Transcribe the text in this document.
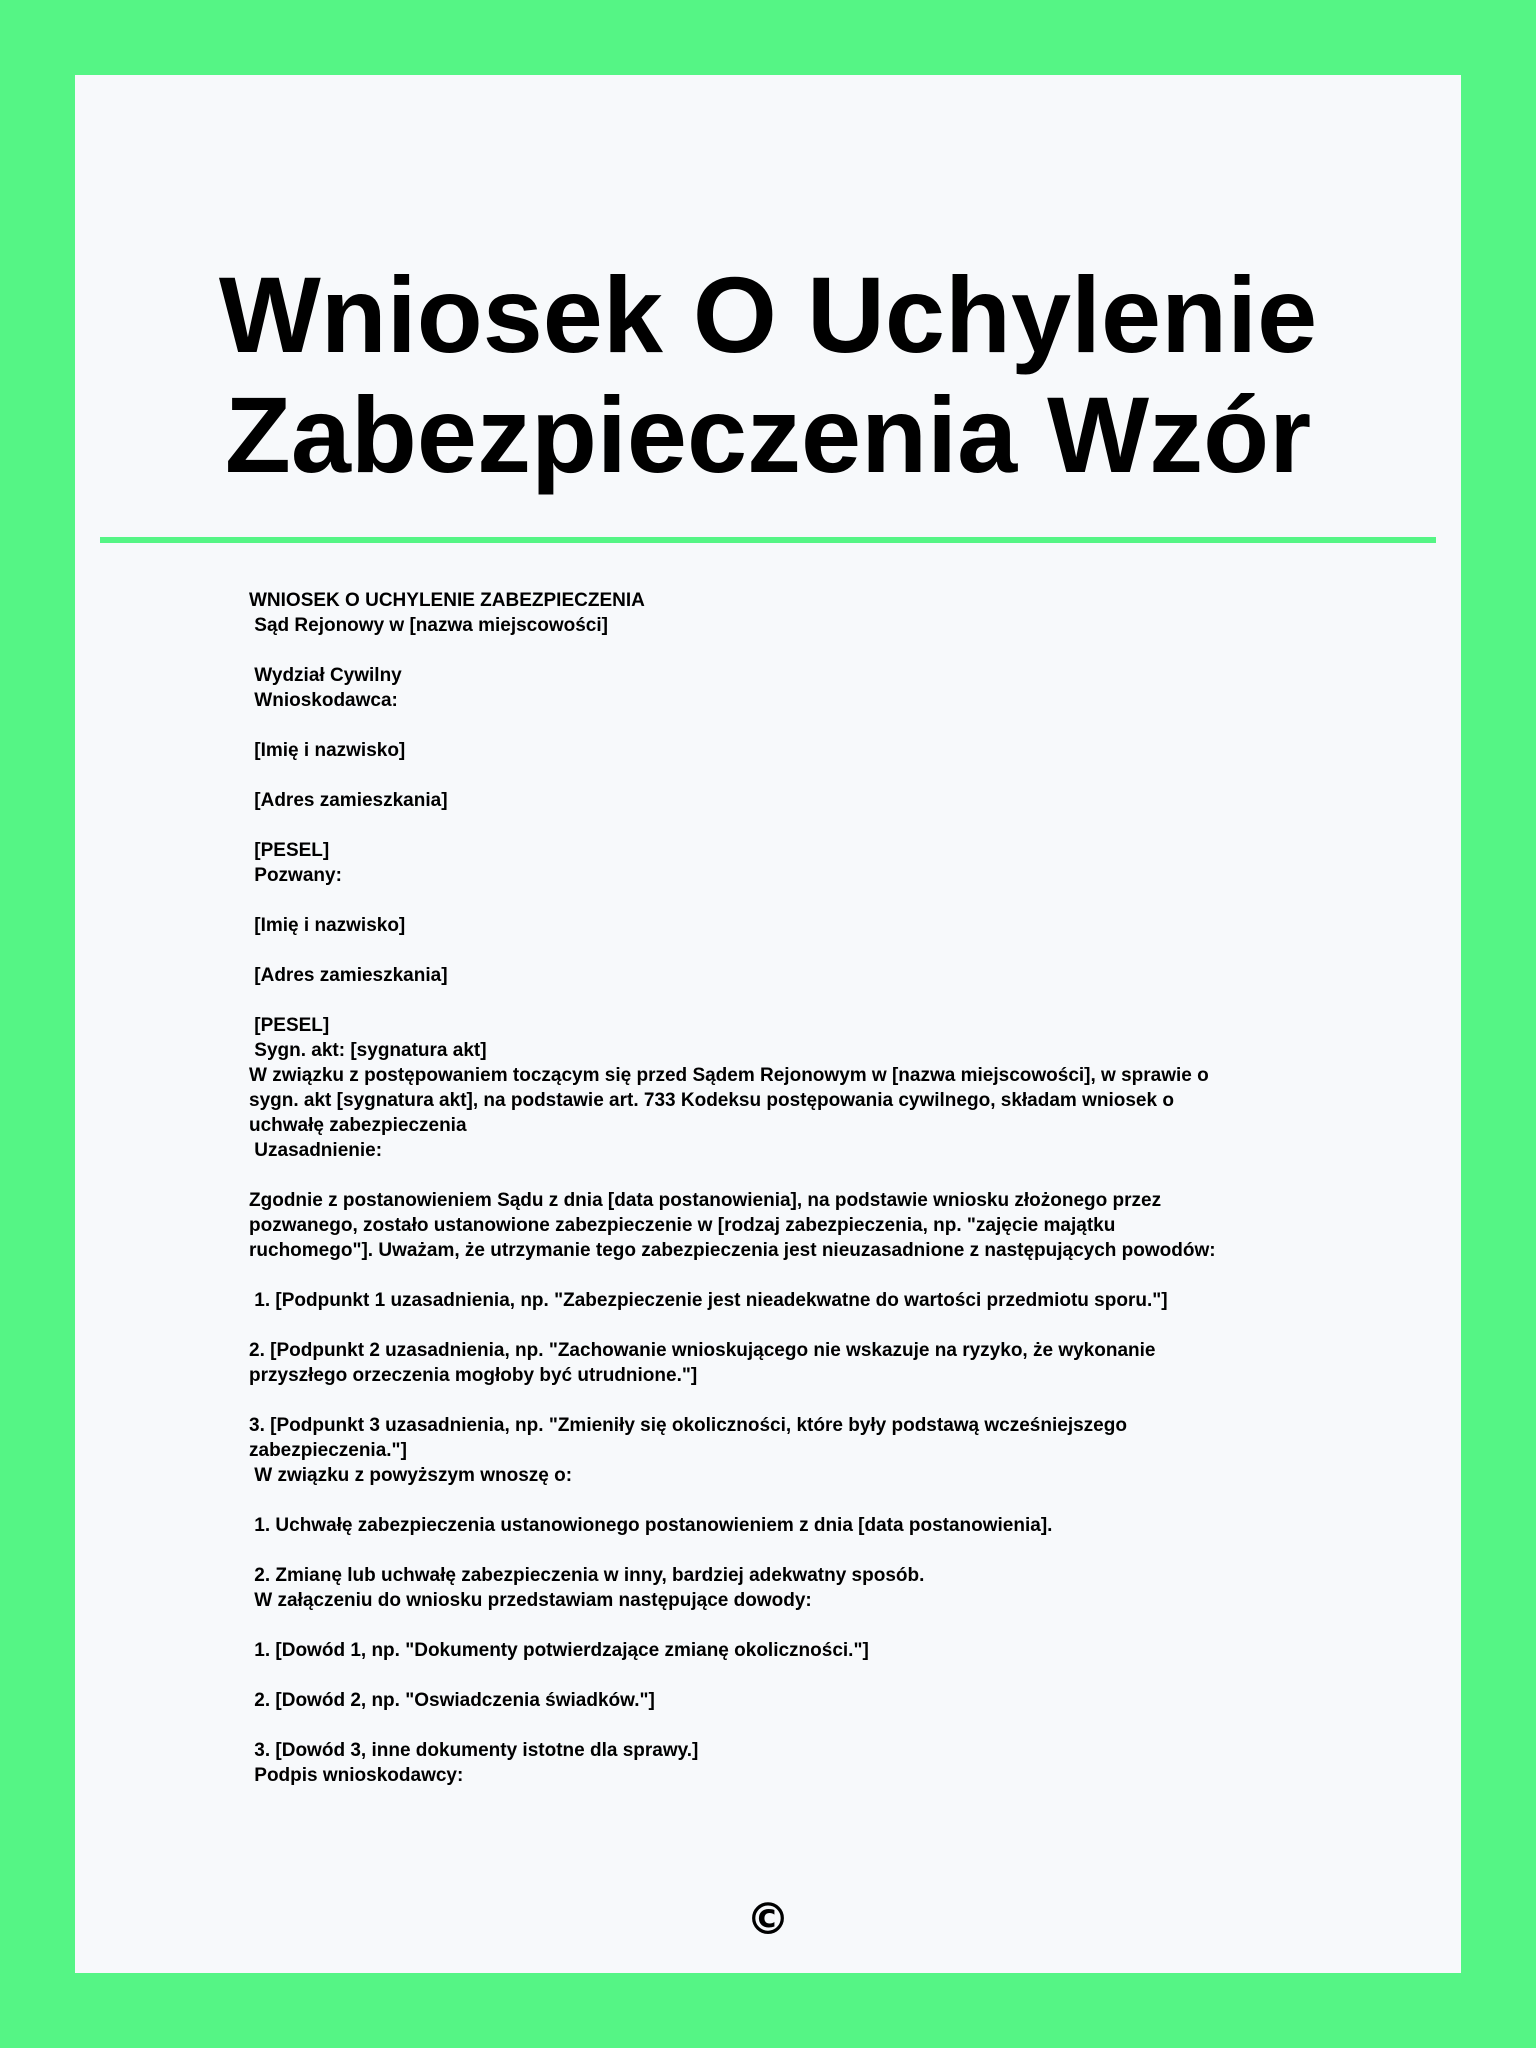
Wniosek O Uchylenie
Zabezpieczenia Wzór
WNIOSEK O UCHYLENIE ZABEZPIECZENIA
Sąd Rejonowy w [nazwa miejscowości]
Wydział Cywilny
Wnioskodawca:
[Imię i nazwisko]
[Adres zamieszkania]
[PESEL]
Pozwany:
[Imię i nazwisko]
[Adres zamieszkania]
[PESEL]
Sygn. akt: [sygnatura akt]
W związku z postępowaniem toczącym się przed Sądem Rejonowym w [nazwa miejscowości], w sprawie o
sygn. akt [sygnatura akt], na podstawie art. 733 Kodeksu postępowania cywilnego, składam wniosek o
uchwałę zabezpieczenia
Uzasadnienie:
Zgodnie z postanowieniem Sądu z dnia [data postanowienia], na podstawie wniosku złożonego przez
pozwanego, zostało ustanowione zabezpieczenie w [rodzaj zabezpieczenia, np. "zajęcie majątku
ruchomego"]. Uważam, że utrzymanie tego zabezpieczenia jest nieuzasadnione z następujących powodów:
1. [Podpunkt 1 uzasadnienia, np. "Zabezpieczenie jest nieadekwatne do wartości przedmiotu sporu."]
2. [Podpunkt 2 uzasadnienia, np. "Zachowanie wnioskującego nie wskazuje na ryzyko, że wykonanie
przyszłego orzeczenia mogłoby być utrudnione."]
3. [Podpunkt 3 uzasadnienia, np. "Zmieniły się okoliczności, które były podstawą wcześniejszego
zabezpieczenia."]
W związku z powyższym wnoszę o:
1. Uchwałę zabezpieczenia ustanowionego postanowieniem z dnia [data postanowienia].
2. Zmianę lub uchwałę zabezpieczenia w inny, bardziej adekwatny sposób.
W załączeniu do wniosku przedstawiam następujące dowody:
1. [Dowód 1, np. "Dokumenty potwierdzające zmianę okoliczności."]
2. [Dowód 2, np. "Oswiadczenia świadków."]
3. [Dowód 3, inne dokumenty istotne dla sprawy.]
Podpis wnioskodawcy:
©
